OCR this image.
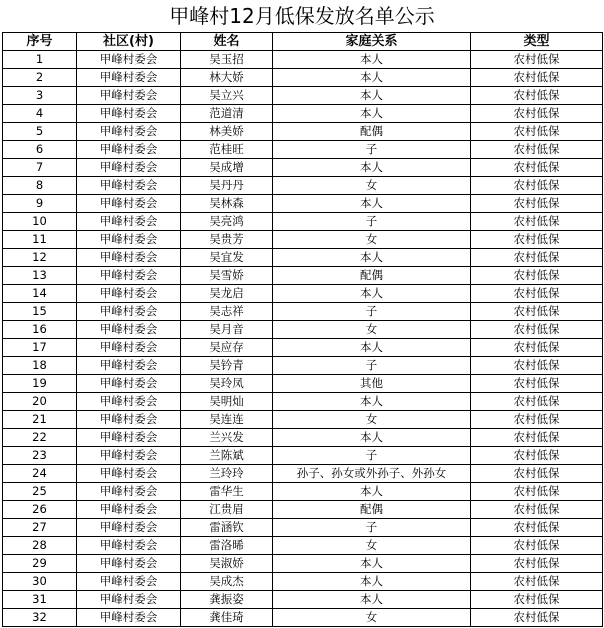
甲峰村12月低保发放名单公示
序号	社区(村)	姓名	家庭关系	类型
1	甲峰村委会	吴玉招	本人	农村低保
2	甲峰村委会	林大娇	本人	农村低保
3	甲峰村委会	吴立兴	本人	农村低保
4	甲峰村委会	范道清	本人	农村低保
5	甲峰村委会	林美娇	配偶	农村低保
6	甲峰村委会	范桂旺	子	农村低保
7	甲峰村委会	吴成增	本人	农村低保
8	甲峰村委会	吴丹丹	女	农村低保
9	甲峰村委会	吴林森	本人	农村低保
10	甲峰村委会	吴亮鸿	子	农村低保
11	甲峰村委会	吴贵芳	女	农村低保
12	甲峰村委会	吴宜发	本人	农村低保
13	甲峰村委会	吴雪娇	配偶	农村低保
14	甲峰村委会	吴龙启	本人	农村低保
15	甲峰村委会	吴志祥	子	农村低保
16	甲峰村委会	吴月音	女	农村低保
17	甲峰村委会	吴应存	本人	农村低保
18	甲峰村委会	吴钤青	子	农村低保
19	甲峰村委会	吴玲凤	其他	农村低保
20	甲峰村委会	吴明灿	本人	农村低保
21	甲峰村委会	吴连连	女	农村低保
22	甲峰村委会	兰兴发	本人	农村低保
23	甲峰村委会	兰陈斌	子	农村低保
24	甲峰村委会	兰玲玲	孙子、孙女或外孙子、外孙女	农村低保
25	甲峰村委会	雷华生	本人	农村低保
26	甲峰村委会	江贵眉	配偶	农村低保
27	甲峰村委会	雷涵钦	子	农村低保
28	甲峰村委会	雷洛晞	女	农村低保
29	甲峰村委会	吴淑娇	本人	农村低保
30	甲峰村委会	吴成杰	本人	农村低保
31	甲峰村委会	龚振姿	本人	农村低保
32	甲峰村委会	龚佳琦	女	农村低保
